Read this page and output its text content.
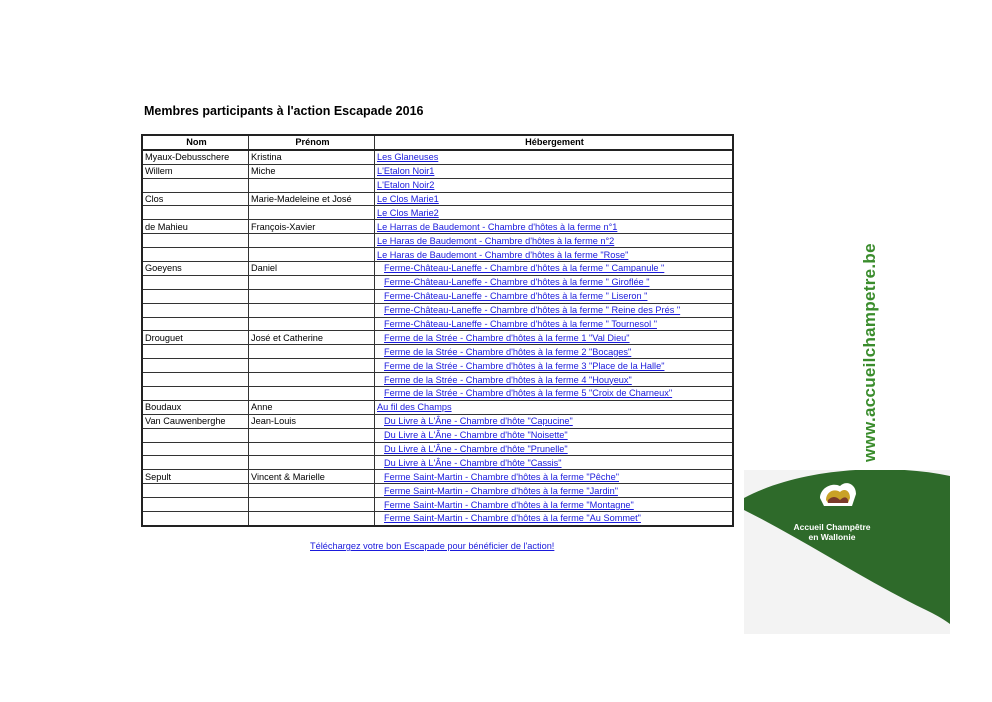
Membres participants à l'action Escapade 2016
Nom	Prénom	Hébergement
Myaux-Debusschere	Kristina	Les Glaneuses
Willem	Miche	L'Etalon Noir1
		L'Etalon Noir2
Clos	Marie-Madeleine et José	Le Clos Marie1
		Le Clos Marie2
de Mahieu	François-Xavier	Le Harras de Baudemont - Chambre d'hôtes à la ferme n°1
		Le Haras de Baudemont - Chambre d'hôtes à la ferme n°2
		Le Haras de Baudemont - Chambre d'hôtes à la ferme "Rose"
Goeyens	Daniel	Ferme-Château-Laneffe - Chambre d'hôtes à la ferme " Campanule "
		Ferme-Château-Laneffe - Chambre d'hôtes à la ferme " Giroflée "
		Ferme-Château-Laneffe - Chambre d'hôtes à la ferme " Liseron "
		Ferme-Château-Laneffe - Chambre d'hôtes à la ferme " Reine des Prés "
		Ferme-Château-Laneffe - Chambre d'hôtes à la ferme " Tournesol "
Drouguet	José et Catherine	Ferme de la Strée - Chambre d'hôtes à la ferme 1 "Val Dieu"
		Ferme de la Strée - Chambre d'hôtes à la ferme 2 "Bocages"
		Ferme de la Strée - Chambre d'hôtes à la ferme 3 "Place de la Halle"
		Ferme de la Strée - Chambre d'hôtes à la ferme 4 "Houyeux"
		Ferme de la Strée - Chambre d'hôtes à la ferme 5 "Croix de Charneux"
Boudaux	Anne	Au fil des Champs
Van Cauwenberghe	Jean-Louis	Du Livre à L'Âne - Chambre d'hôte "Capucine"
		Du Livre à L'Âne - Chambre d'hôte "Noisette"
		Du Livre à L'Âne - Chambre d'hôte "Prunelle"
		Du Livre à L'Âne - Chambre d'hôte "Cassis"
Sepult	Vincent & Marielle	Ferme Saint-Martin - Chambre d'hôtes à la ferme "Pêche"
		Ferme Saint-Martin - Chambre d'hôtes à la ferme "Jardin"
		Ferme Saint-Martin - Chambre d'hôtes à la ferme "Montagne"
		Ferme Saint-Martin - Chambre d'hôtes à la ferme "Au Sommet"
Téléchargez votre bon Escapade pour bénéficier de l'action!
www.accueilchampetre.be
Accueil Champêtre
en Wallonie
